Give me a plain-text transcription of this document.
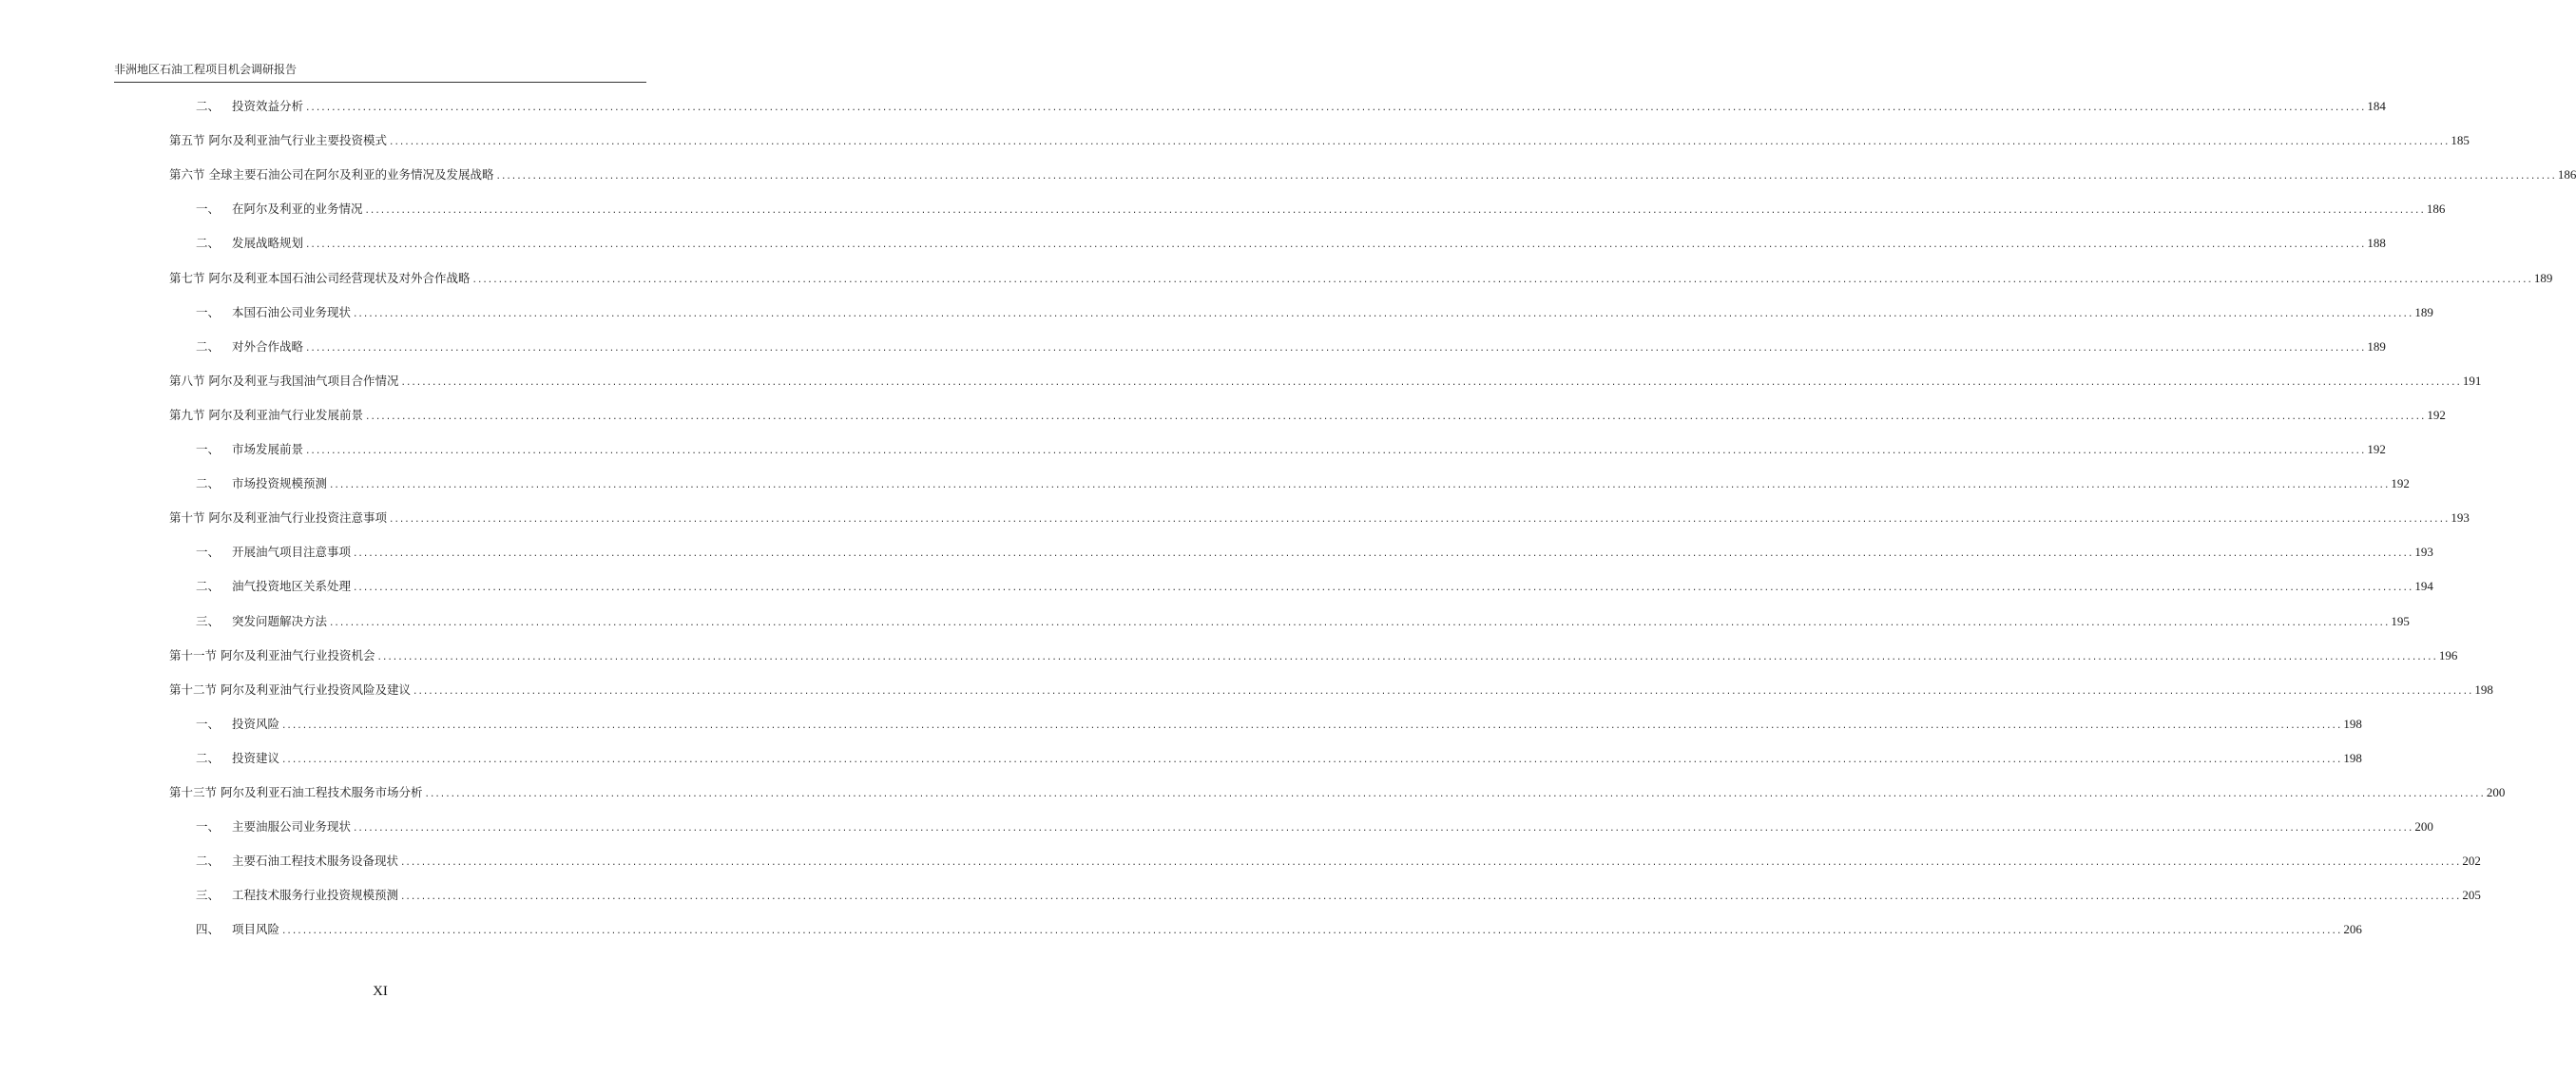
非洲地区石油工程项目机会调研报告
二、	投资效益分析 ................................................................................................................................................................................................................................................................................................................................................................................................................ 184
第五节 阿尔及利亚油气行业主要投资模式 ................................................................................................................................................................................................................................................................................................................................................................................................................ 185
第六节 全球主要石油公司在阿尔及利亚的业务情况及发展战略 ................................................................................................................................................................................................................................................................................................................................................................................................................ 186
一、	在阿尔及利亚的业务情况 ................................................................................................................................................................................................................................................................................................................................................................................................................ 186
二、	发展战略规划 ................................................................................................................................................................................................................................................................................................................................................................................................................ 188
第七节 阿尔及利亚本国石油公司经营现状及对外合作战略 ................................................................................................................................................................................................................................................................................................................................................................................................................ 189
一、	本国石油公司业务现状 ................................................................................................................................................................................................................................................................................................................................................................................................................ 189
二、	对外合作战略 ................................................................................................................................................................................................................................................................................................................................................................................................................ 189
第八节 阿尔及利亚与我国油气项目合作情况 ................................................................................................................................................................................................................................................................................................................................................................................................................ 191
第九节 阿尔及利亚油气行业发展前景 ................................................................................................................................................................................................................................................................................................................................................................................................................ 192
一、	市场发展前景 ................................................................................................................................................................................................................................................................................................................................................................................................................ 192
二、	市场投资规模预测 ................................................................................................................................................................................................................................................................................................................................................................................................................ 192
第十节 阿尔及利亚油气行业投资注意事项 ................................................................................................................................................................................................................................................................................................................................................................................................................ 193
一、	开展油气项目注意事项 ................................................................................................................................................................................................................................................................................................................................................................................................................ 193
二、	油气投资地区关系处理 ................................................................................................................................................................................................................................................................................................................................................................................................................ 194
三、	突发问题解决方法 ................................................................................................................................................................................................................................................................................................................................................................................................................ 195
第十一节 阿尔及利亚油气行业投资机会 ................................................................................................................................................................................................................................................................................................................................................................................................................ 196
第十二节 阿尔及利亚油气行业投资风险及建议 ................................................................................................................................................................................................................................................................................................................................................................................................................ 198
一、	投资风险 ................................................................................................................................................................................................................................................................................................................................................................................................................ 198
二、	投资建议 ................................................................................................................................................................................................................................................................................................................................................................................................................ 198
第十三节 阿尔及利亚石油工程技术服务市场分析 ................................................................................................................................................................................................................................................................................................................................................................................................................ 200
一、	主要油服公司业务现状 ................................................................................................................................................................................................................................................................................................................................................................................................................ 200
二、	主要石油工程技术服务设备现状 ................................................................................................................................................................................................................................................................................................................................................................................................................ 202
三、	工程技术服务行业投资规模预测 ................................................................................................................................................................................................................................................................................................................................................................................................................ 205
四、	项目风险 ................................................................................................................................................................................................................................................................................................................................................................................................................ 206
XI
